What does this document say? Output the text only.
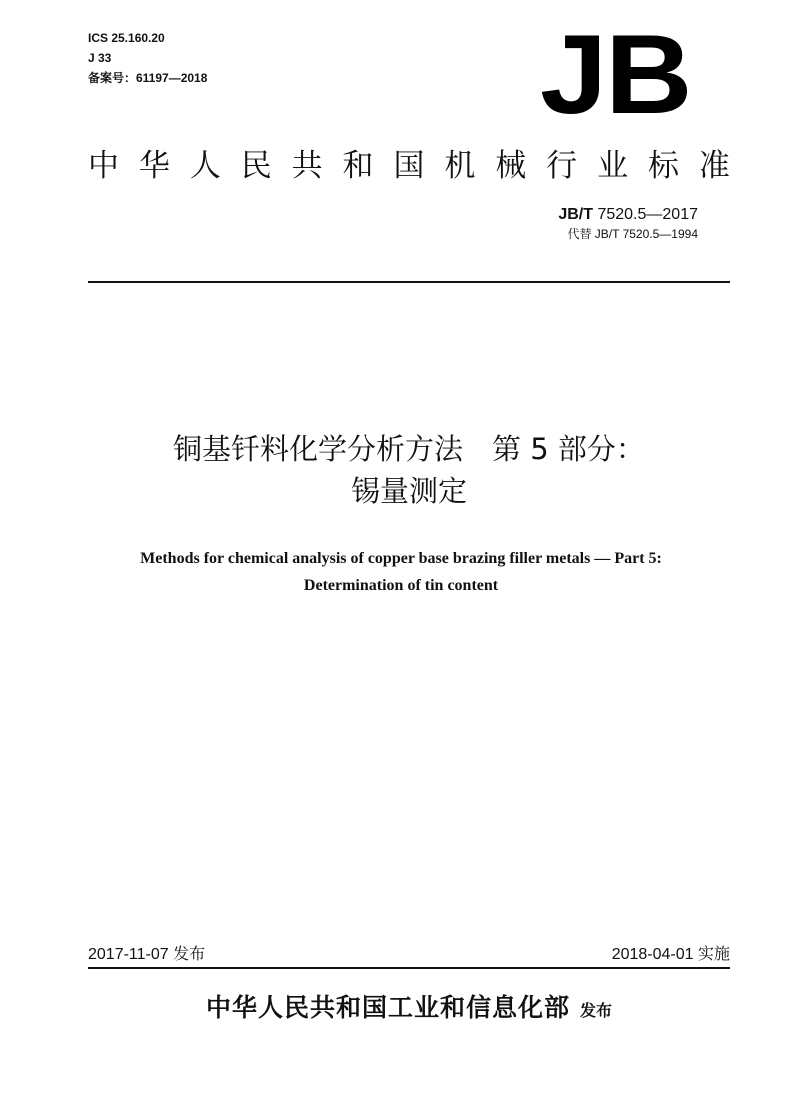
ICS 25.160.20
J 33
备案号：61197—2018	JB
中 华 人 民 共 和 国 机 械 行 业 标 准
JB/T 7520.5—2017
代替 JB/T 7520.5—1994
铜基钎料化学分析方法　第 5 部分：
锡量测定
Methods for chemical analysis of copper base brazing filler metals — Part 5:
Determination of tin content
2017-11-07 发布	2018-04-01 实施
中华人民共和国工业和信息化部 发布
